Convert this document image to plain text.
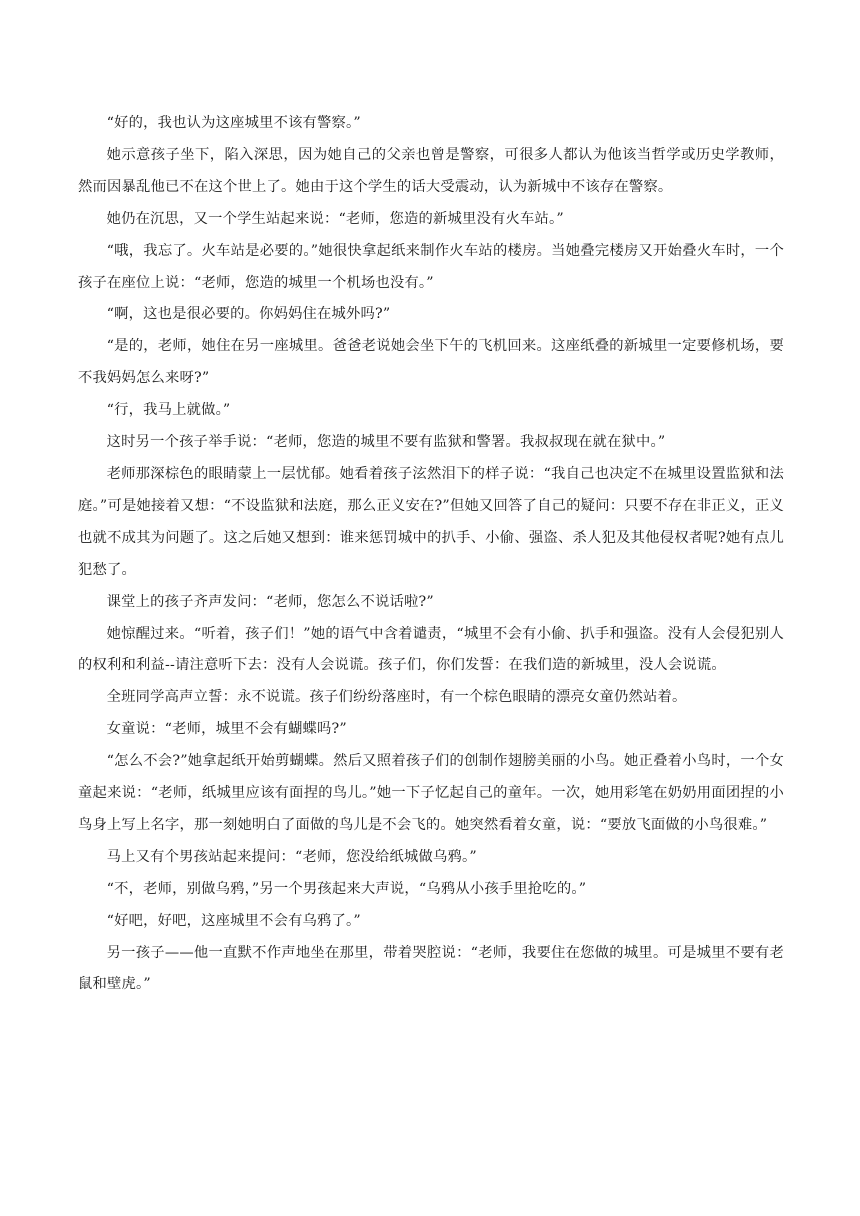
“好的，我也认为这座城里不该有警察。”

她示意孩子坐下，陷入深思，因为她自己的父亲也曾是警察，可很多人都认为他该当哲学或历史学教师，然而因暴乱他已不在这个世上了。她由于这个学生的话大受震动，认为新城中不该存在警察。

她仍在沉思，又一个学生站起来说：“老师，您造的新城里没有火车站。”

“哦，我忘了。火车站是必要的。”她很快拿起纸来制作火车站的楼房。当她叠完楼房又开始叠火车时，一个孩子在座位上说：“老师，您造的城里一个机场也没有。”

“啊，这也是很必要的。你妈妈住在城外吗?”

“是的，老师，她住在另一座城里。爸爸老说她会坐下午的飞机回来。这座纸叠的新城里一定要修机场，要不我妈妈怎么来呀?”

“行，我马上就做。”

这时另一个孩子举手说：“老师，您造的城里不要有监狱和警署。我叔叔现在就在狱中。”

老师那深棕色的眼睛蒙上一层忧郁。她看着孩子泫然泪下的样子说：“我自己也决定不在城里设置监狱和法庭。”可是她接着又想：“不设监狱和法庭，那么正义安在?”但她又回答了自己的疑问：只要不存在非正义，正义也就不成其为问题了。这之后她又想到：谁来惩罚城中的扒手、小偷、强盗、杀人犯及其他侵权者呢?她有点儿犯愁了。

课堂上的孩子齐声发问：“老师，您怎么不说话啦?”

她惊醒过来。“听着，孩子们！”她的语气中含着谴责，“城里不会有小偷、扒手和强盗。没有人会侵犯别人的权利和利益--请注意听下去：没有人会说谎。孩子们，你们发誓：在我们造的新城里，没人会说谎。

全班同学高声立誓：永不说谎。孩子们纷纷落座时，有一个棕色眼睛的漂亮女童仍然站着。

女童说：“老师，城里不会有蝴蝶吗?”

“怎么不会?”她拿起纸开始剪蝴蝶。然后又照着孩子们的创制作翅膀美丽的小鸟。她正叠着小鸟时，一个女童起来说：“老师，纸城里应该有面捏的鸟儿。”她一下子忆起自己的童年。一次，她用彩笔在奶奶用面团捏的小鸟身上写上名字，那一刻她明白了面做的鸟儿是不会飞的。她突然看着女童，说：“要放飞面做的小鸟很难。”

马上又有个男孩站起来提问：“老师，您没给纸城做乌鸦。”

“不，老师，别做乌鸦，”另一个男孩起来大声说，“乌鸦从小孩手里抢吃的。”

“好吧，好吧，这座城里不会有乌鸦了。”

另一孩子——他一直默不作声地坐在那里，带着哭腔说：“老师，我要住在您做的城里。可是城里不要有老鼠和壁虎。”
